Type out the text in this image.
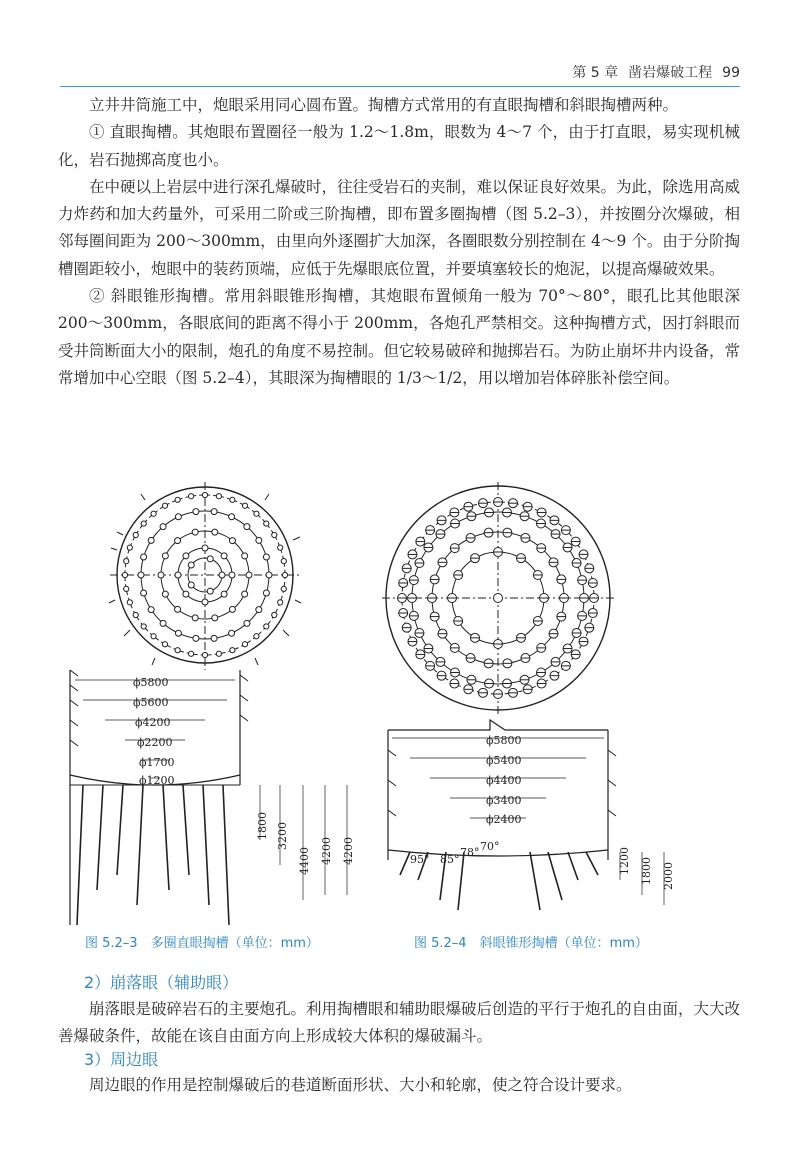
第 5 章 凿岩爆破工程 99

立井井筒施工中，炮眼采用同心圆布置。掏槽方式常用的有直眼掏槽和斜眼掏槽两种。

① 直眼掏槽。其炮眼布置圈径一般为 1.2～1.8m，眼数为 4～7 个，由于打直眼，易实现机械化，岩石抛掷高度也小。

在中硬以上岩层中进行深孔爆破时，往往受岩石的夹制，难以保证良好效果。为此，除选用高威力炸药和加大药量外，可采用二阶或三阶掏槽，即布置多圈掏槽（图 5.2–3），并按圈分次爆破，相邻每圈间距为 200～300mm，由里向外逐圈扩大加深，各圈眼数分别控制在 4～9 个。由于分阶掏槽圈距较小，炮眼中的装药顶端，应低于先爆眼底位置，并要填塞较长的炮泥，以提高爆破效果。

② 斜眼锥形掏槽。常用斜眼锥形掏槽，其炮眼布置倾角一般为 70°～80°，眼孔比其他眼深 200～300mm，各眼底间的距离不得小于 200mm，各炮孔严禁相交。这种掏槽方式，因打斜眼而受井筒断面大小的限制，炮孔的角度不易控制。但它较易破碎和抛掷岩石。为防止崩坏井内设备，常常增加中心空眼（图 5.2–4），其眼深为掏槽眼的 1/3～1/2，用以增加岩体碎胀补偿空间。

ϕ5800
ϕ5600
ϕ4200
ϕ2200
ϕ1700
ϕ1200
1800 3200
4400 4200 4200
图 5.2–3　多圈直眼掏槽（单位：mm）
ϕ5800
ϕ5400
ϕ4400
ϕ3400
ϕ2400
95° 85°
78° 70°
1200 1800 2000
图 5.2–4　斜眼锥形掏槽（单位：mm）
2）崩落眼（辅助眼）

崩落眼是破碎岩石的主要炮孔。利用掏槽眼和辅助眼爆破后创造的平行于炮孔的自由面，大大改善爆破条件，故能在该自由面方向上形成较大体积的爆破漏斗。

3）周边眼

周边眼的作用是控制爆破后的巷道断面形状、大小和轮廓，使之符合设计要求。
